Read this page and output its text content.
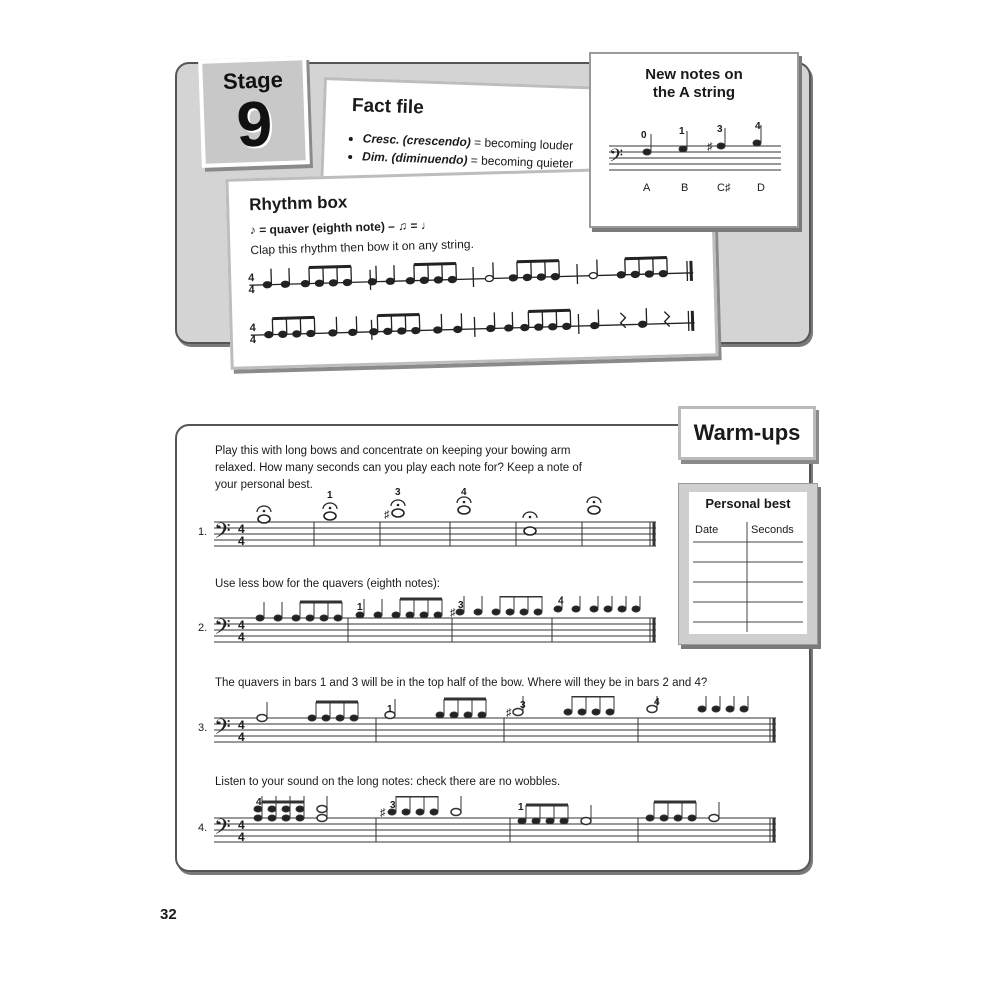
Stage
9	Fact file
• Cresc. (crescendo) = becoming louder
• Dim. (diminuendo) = becoming quieter
Rhythm box
♪ = quaver (eighth note) – ♫ = ♩
Clap this rhythm then bow it on any string.
4
4
4
4
New notes on
the A string
𝄢	♯
0	1	3	4
A	B	C♯ D
Warm-ups
Play this with long bows and concentrate on keeping your bowing arm
relaxed. How many seconds can you play each note for? Keep a note of
your personal best.
1. 𝄢 4
4
♯
1	3	4
Use less bow for the quavers (eighth notes):
2. 𝄢 4
4
♯
1	3	4
The quavers in bars 1 and 3 will be in the top half of the bow. Where will they be in bars 2 and 4?
3. 𝄢 4
4
♯
1	3	4
Listen to your sound on the long notes: check there are no wobbles.
4. 𝄢 4
4
♯
4	3	1
Personal best
Date	Seconds
32
